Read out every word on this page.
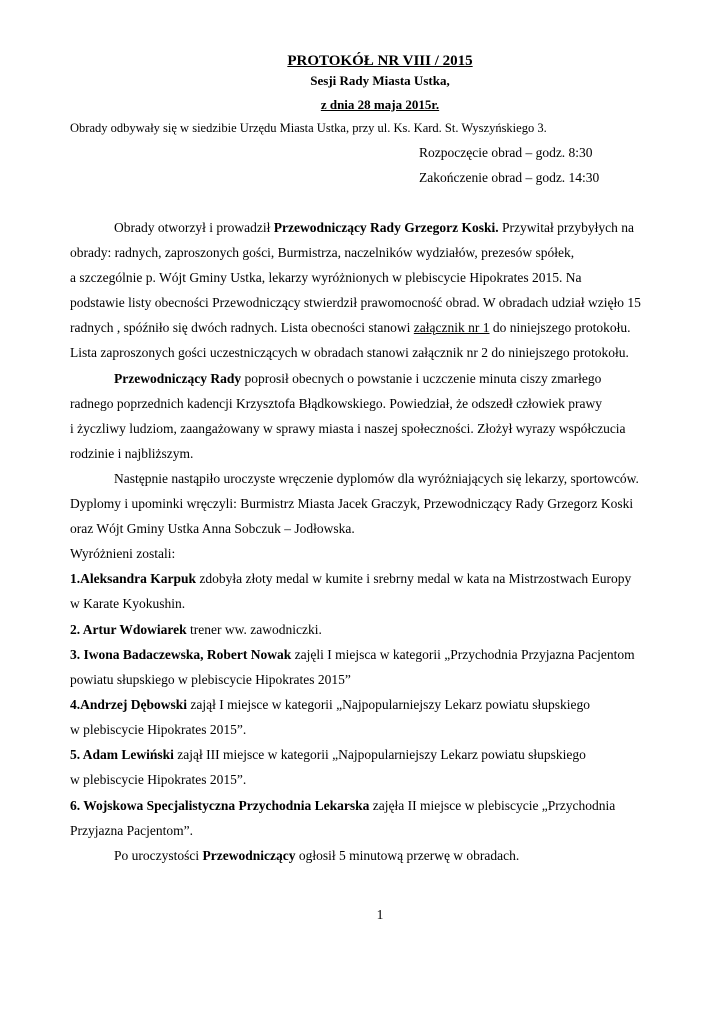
PROTOKÓŁ NR VIII / 2015
Sesji Rady Miasta Ustka,
z dnia 28 maja 2015r.
Obrady odbywały się w siedzibie Urzędu Miasta Ustka, przy ul. Ks. Kard. St. Wyszyńskiego 3.
Rozpoczęcie obrad – godz. 8:30
Zakończenie obrad – godz. 14:30
Obrady otworzył i prowadził Przewodniczący Rady Grzegorz Koski. Przywitał przybyłych na
obrady: radnych, zaproszonych gości, Burmistrza, naczelników wydziałów, prezesów spółek,
a szczególnie p. Wójt Gminy Ustka, lekarzy wyróżnionych w plebiscycie Hipokrates 2015. Na
podstawie listy obecności Przewodniczący stwierdził prawomocność obrad. W obradach udział wzięło 15
radnych , spóźniło się dwóch radnych. Lista obecności stanowi załącznik nr 1 do niniejszego protokołu.
Lista zaproszonych gości uczestniczących w obradach stanowi załącznik nr 2 do niniejszego protokołu.
Przewodniczący Rady poprosił obecnych o powstanie i uczczenie minuta ciszy zmarłego
radnego poprzednich kadencji Krzysztofa Błądkowskiego. Powiedział, że odszedł człowiek prawy
i życzliwy ludziom, zaangażowany w sprawy miasta i naszej społeczności. Złożył wyrazy współczucia
rodzinie i najbliższym.
Następnie nastąpiło uroczyste wręczenie dyplomów dla wyróżniających się lekarzy, sportowców.
Dyplomy i upominki wręczyli: Burmistrz Miasta Jacek Graczyk, Przewodniczący Rady Grzegorz Koski
oraz Wójt Gminy Ustka Anna Sobczuk – Jodłowska.
Wyróżnieni zostali:
1.Aleksandra Karpuk zdobyła złoty medal w kumite i srebrny medal w kata na Mistrzostwach Europy
w Karate Kyokushin.
2. Artur Wdowiarek trener ww. zawodniczki.
3. Iwona Badaczewska, Robert Nowak zajęli I miejsca w kategorii „Przychodnia Przyjazna Pacjentom
powiatu słupskiego w plebiscycie Hipokrates 2015”
4.Andrzej Dębowski zajął I miejsce w kategorii „Najpopularniejszy Lekarz powiatu słupskiego
w plebiscycie Hipokrates 2015”.
5. Adam Lewiński zajął III miejsce w kategorii „Najpopularniejszy Lekarz powiatu słupskiego
w plebiscycie Hipokrates 2015”.
6. Wojskowa Specjalistyczna Przychodnia Lekarska zajęła II miejsce w plebiscycie „Przychodnia
Przyjazna Pacjentom”.
Po uroczystości Przewodniczący ogłosił 5 minutową przerwę w obradach.
1
